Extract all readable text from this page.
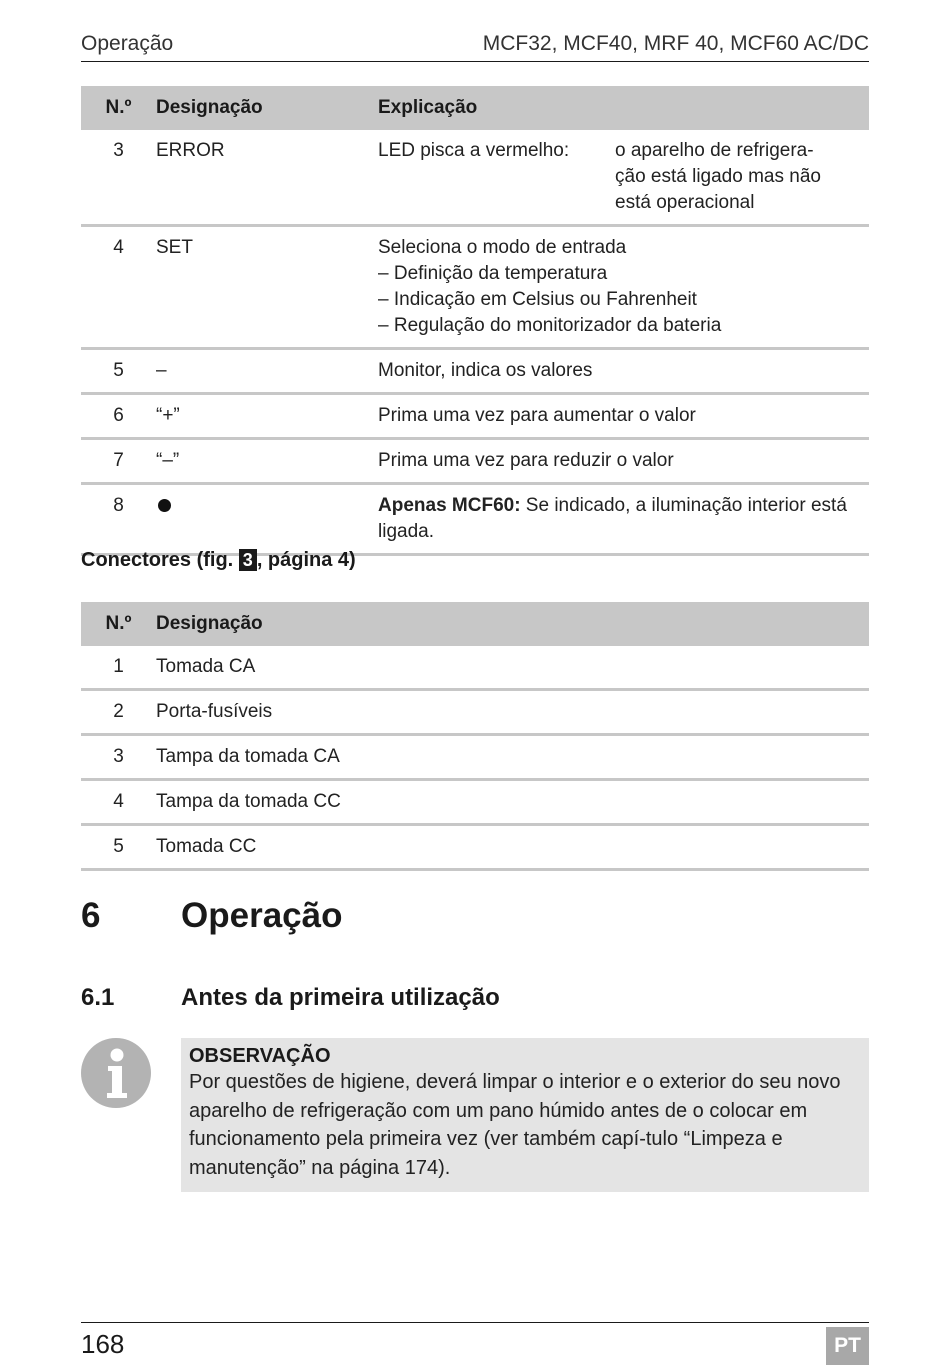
Operação	MCF32, MCF40, MRF 40, MCF60 AC/DC
N.º	Designação	Explicação
3	ERROR	LED pisca a vermelho: o aparelho de refrigera-
ção está ligado mas não
está operacional

4	SET	Seleciona o modo de entrada
– Definição da temperatura
– Indicação em Celsius ou Fahrenheit
– Regulação do monitorizador da bateria
5	–	Monitor, indica os valores
6	“+”	Prima uma vez para aumentar o valor
7	“–”	Prima uma vez para reduzir o valor
8		Apenas MCF60: Se indicado, a iluminação interior está ligada.
Conectores (fig. 3 , página 4)
N.º	Designação
1	Tomada CA
2	Porta-fusíveis
3	Tampa da tomada CA
4	Tampa da tomada CC
5	Tomada CC
6 Operação
6.1	Antes da primeira utilização
OBSERVAÇÃO
Por questões de higiene, deverá limpar o interior e o exterior do seu novo aparelho de refrigeração com um pano húmido antes de o colocar em funcionamento pela primeira vez (ver também capí-tulo “Limpeza e manutenção” na página 174).
168	PT
